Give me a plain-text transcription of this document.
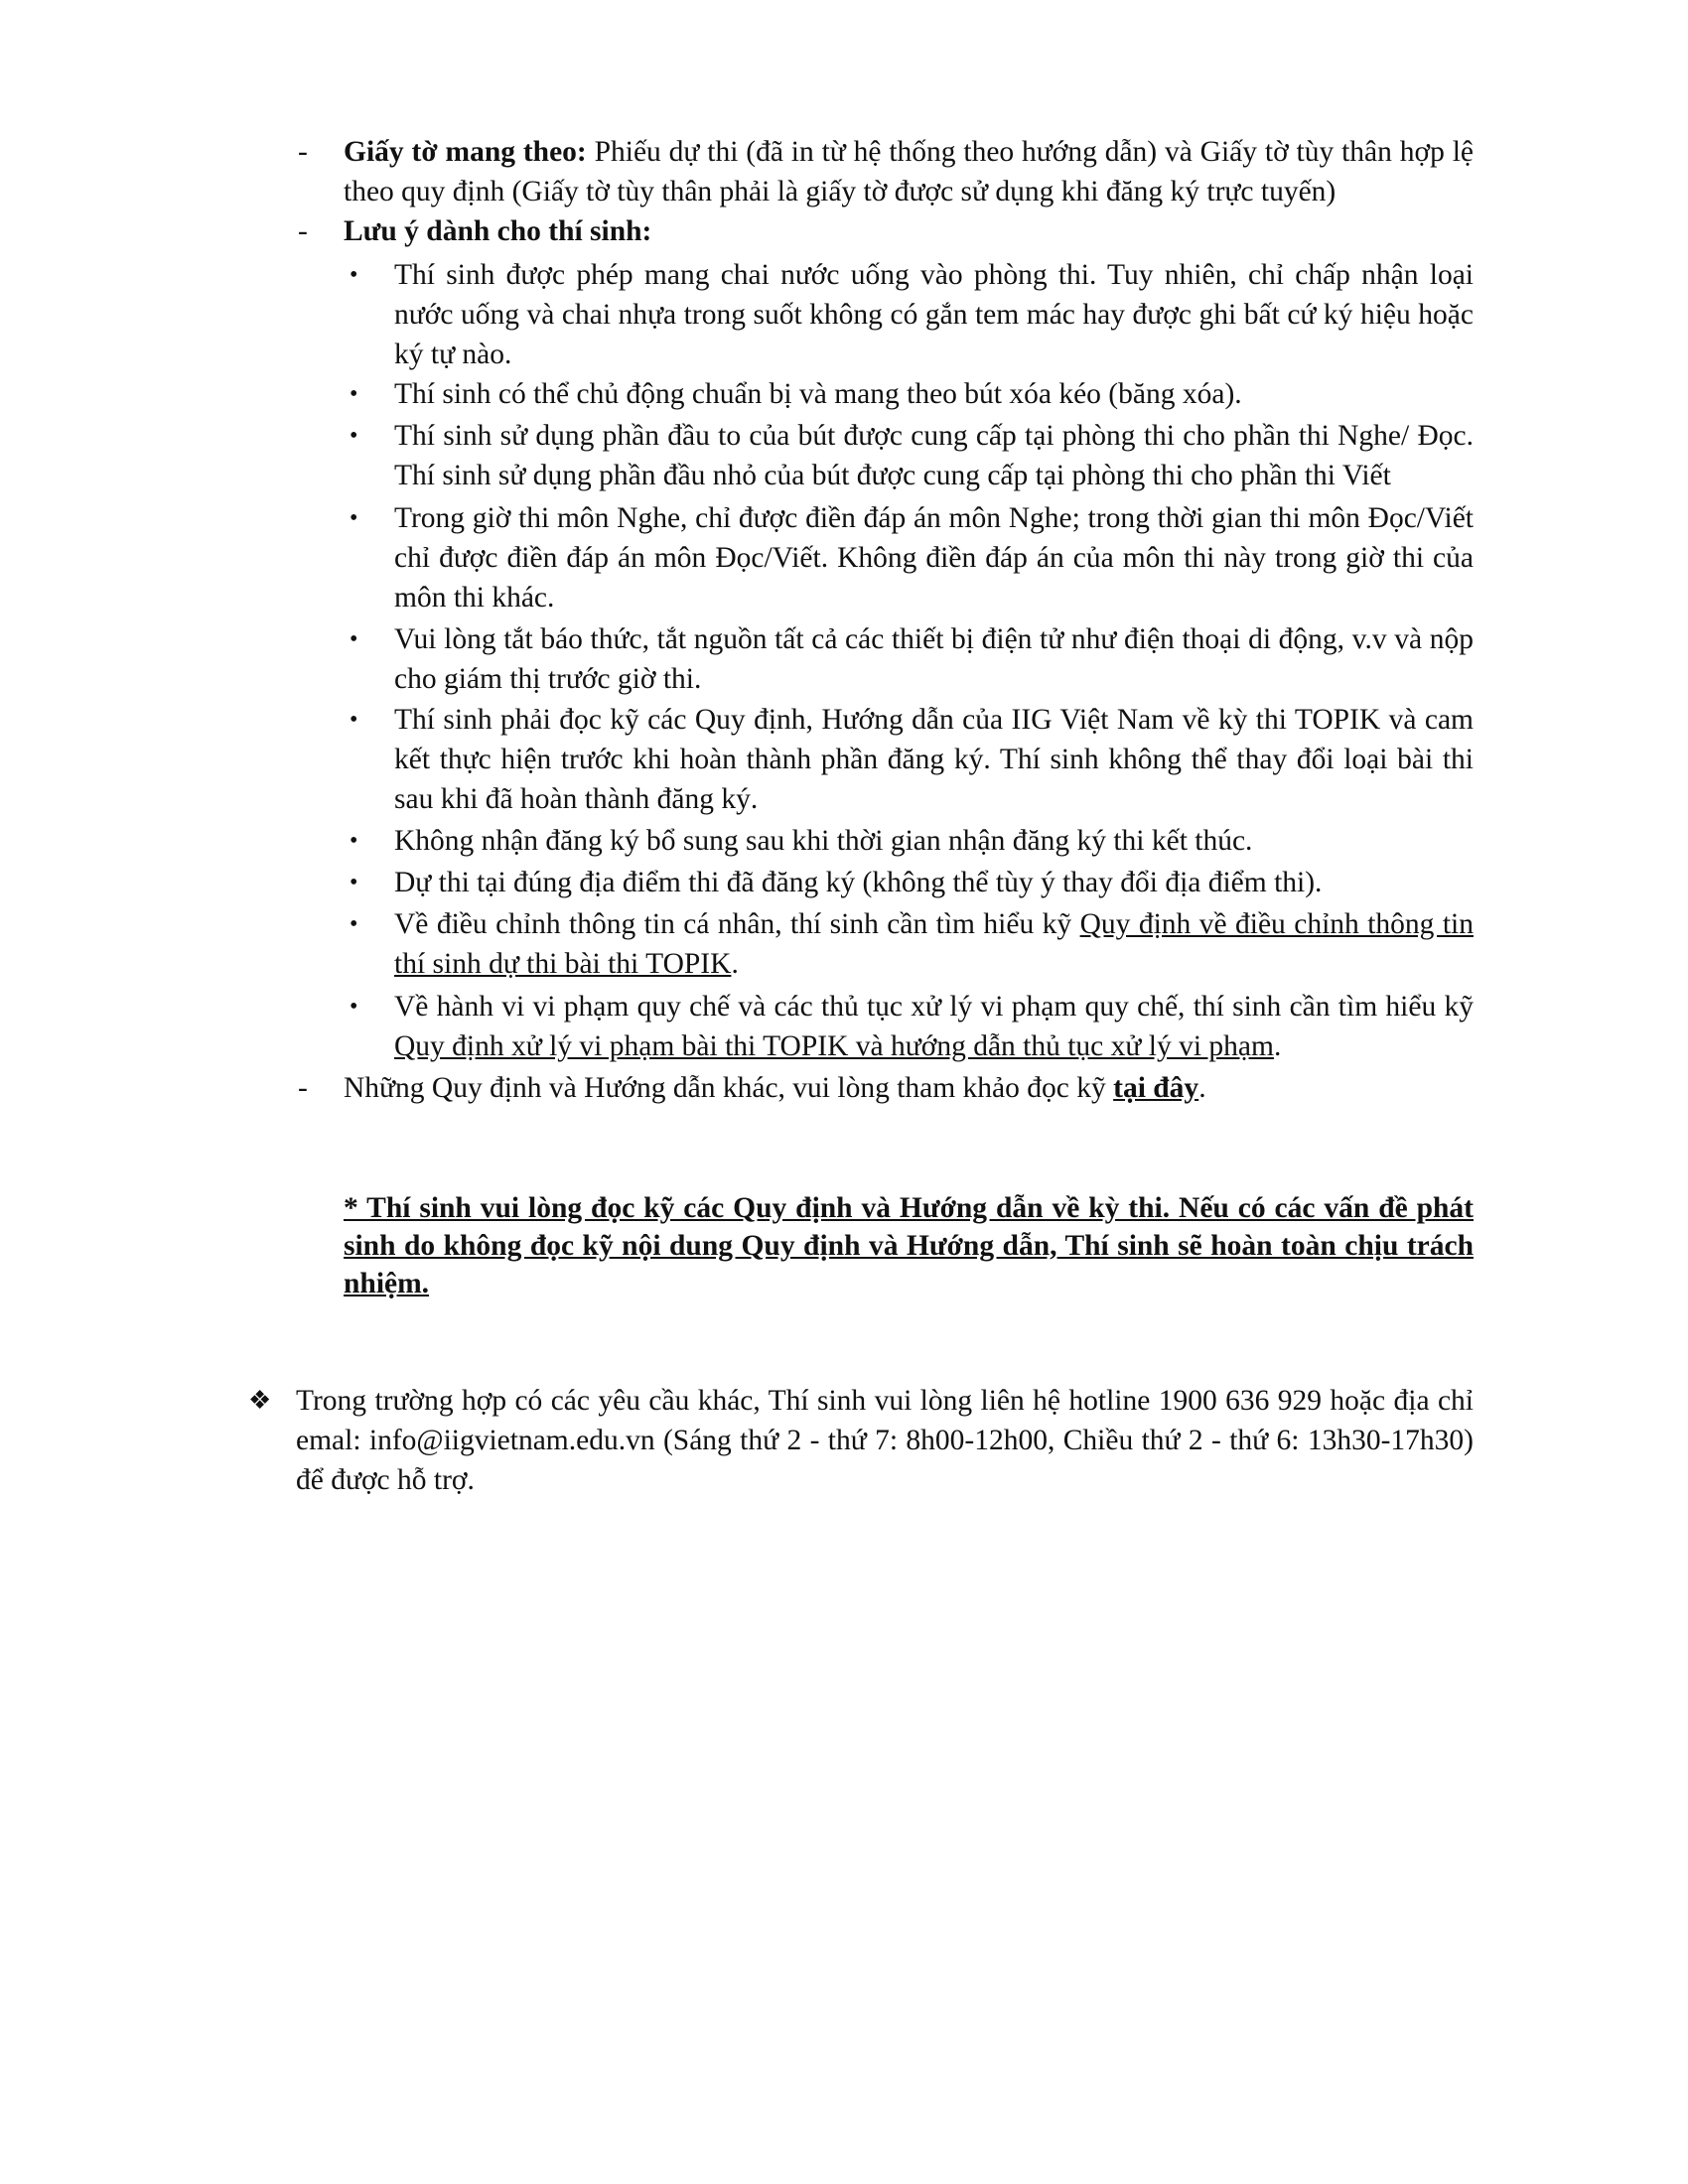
- Giấy tờ mang theo: Phiếu dự thi (đã in từ hệ thống theo hướng dẫn) và Giấy tờ tùy thân hợp lệ theo quy định (Giấy tờ tùy thân phải là giấy tờ được sử dụng khi đăng ký trực tuyến)
- Lưu ý dành cho thí sinh:
• Thí sinh được phép mang chai nước uống vào phòng thi. Tuy nhiên, chỉ chấp nhận loại nước uống và chai nhựa trong suốt không có gắn tem mác hay được ghi bất cứ ký hiệu hoặc ký tự nào.
• Thí sinh có thể chủ động chuẩn bị và mang theo bút xóa kéo (băng xóa).
• Thí sinh sử dụng phần đầu to của bút được cung cấp tại phòng thi cho phần thi Nghe/ Đọc. Thí sinh sử dụng phần đầu nhỏ của bút được cung cấp tại phòng thi cho phần thi Viết
• Trong giờ thi môn Nghe, chỉ được điền đáp án môn Nghe; trong thời gian thi môn Đọc/Viết chỉ được điền đáp án môn Đọc/Viết. Không điền đáp án của môn thi này trong giờ thi của môn thi khác.
• Vui lòng tắt báo thức, tắt nguồn tất cả các thiết bị điện tử như điện thoại di động, v.v và nộp cho giám thị trước giờ thi.
• Thí sinh phải đọc kỹ các Quy định, Hướng dẫn của IIG Việt Nam về kỳ thi TOPIK và cam kết thực hiện trước khi hoàn thành phần đăng ký. Thí sinh không thể thay đổi loại bài thi sau khi đã hoàn thành đăng ký.
• Không nhận đăng ký bổ sung sau khi thời gian nhận đăng ký thi kết thúc.
• Dự thi tại đúng địa điểm thi đã đăng ký (không thể tùy ý thay đổi địa điểm thi).
• Về điều chỉnh thông tin cá nhân, thí sinh cần tìm hiểu kỹ Quy định về điều chỉnh thông tin thí sinh dự thi bài thi TOPIK.
• Về hành vi vi phạm quy chế và các thủ tục xử lý vi phạm quy chế, thí sinh cần tìm hiểu kỹ Quy định xử lý vi phạm bài thi TOPIK và hướng dẫn thủ tục xử lý vi phạm.
- Những Quy định và Hướng dẫn khác, vui lòng tham khảo đọc kỹ tại đây.
* Thí sinh vui lòng đọc kỹ các Quy định và Hướng dẫn về kỳ thi. Nếu có các vấn đề phát sinh do không đọc kỹ nội dung Quy định và Hướng dẫn, Thí sinh sẽ hoàn toàn chịu trách nhiệm.
❖ Trong trường hợp có các yêu cầu khác, Thí sinh vui lòng liên hệ hotline 1900 636 929 hoặc địa chỉ emal: info@iigvietnam.edu.vn (Sáng thứ 2 - thứ 7: 8h00-12h00, Chiều thứ 2 - thứ 6: 13h30-17h30) để được hỗ trợ.
